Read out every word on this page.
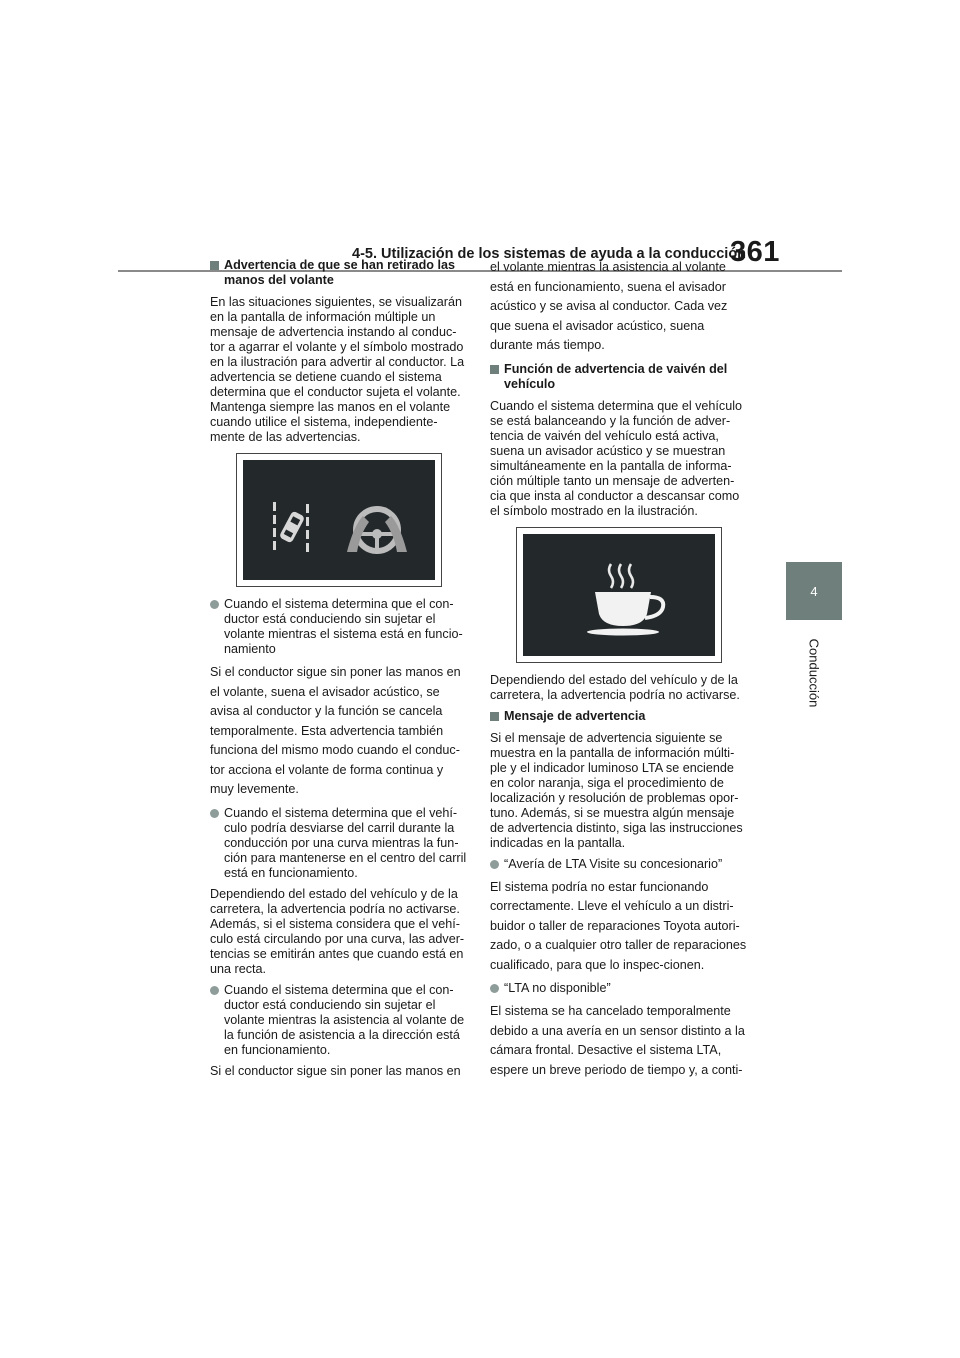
4-5. Utilización de los sistemas de ayuda a la conducción
361
4
Conducción
Advertencia de que se han retirado las manos del volante

En las situaciones siguientes, se visualizarán en la pantalla de información múltiple un mensaje de advertencia instando al conduc-tor a agarrar el volante y el símbolo mostrado en la ilustración para advertir al conductor. La advertencia se detiene cuando el sistema determina que el conductor sujeta el volante. Mantenga siempre las manos en el volante cuando utilice el sistema, independiente-mente de las advertencias.

Cuando el sistema determina que el con-ductor está conduciendo sin sujetar el volante mientras el sistema está en funcio-namiento

Si el conductor sigue sin poner las manos en el volante, suena el avisador acústico, se avisa al conductor y la función se cancela temporalmente. Esta advertencia también funciona del mismo modo cuando el conduc-tor acciona el volante de forma continua y muy levemente.

Cuando el sistema determina que el vehí-culo podría desviarse del carril durante la conducción por una curva mientras la fun-ción para mantenerse en el centro del carril está en funcionamiento.

Dependiendo del estado del vehículo y de la carretera, la advertencia podría no activarse. Además, si el sistema considera que el vehí-culo está circulando por una curva, las adver-tencias se emitirán antes que cuando está en una recta.

Cuando el sistema determina que el con-ductor está conduciendo sin sujetar el volante mientras la asistencia al volante de la función de asistencia a la dirección está en funcionamiento.

Si el conductor sigue sin poner las manos en

el volante mientras la asistencia al volante está en funcionamiento, suena el avisador acústico y se avisa al conductor. Cada vez que suena el avisador acústico, suena durante más tiempo.

Función de advertencia de vaivén del vehículo

Cuando el sistema determina que el vehículo se está balanceando y la función de adver-tencia de vaivén del vehículo está activa, suena un avisador acústico y se muestran simultáneamente en la pantalla de informa-ción múltiple tanto un mensaje de adverten-cia que insta al conductor a descansar como el símbolo mostrado en la ilustración.

Dependiendo del estado del vehículo y de la carretera, la advertencia podría no activarse.

Mensaje de advertencia

Si el mensaje de advertencia siguiente se muestra en la pantalla de información múlti-ple y el indicador luminoso LTA se enciende en color naranja, siga el procedimiento de localización y resolución de problemas opor-tuno. Además, si se muestra algún mensaje de advertencia distinto, siga las instrucciones indicadas en la pantalla.

“Avería de LTA Visite su concesionario”

El sistema podría no estar funcionando correctamente. Lleve el vehículo a un distri-buidor o taller de reparaciones Toyota autori-zado, o a cualquier otro taller de reparaciones cualificado, para que lo inspec-cionen.

“LTA no disponible”

El sistema se ha cancelado temporalmente debido a una avería en un sensor distinto a la cámara frontal. Desactive el sistema LTA, espere un breve periodo de tiempo y, a conti-
